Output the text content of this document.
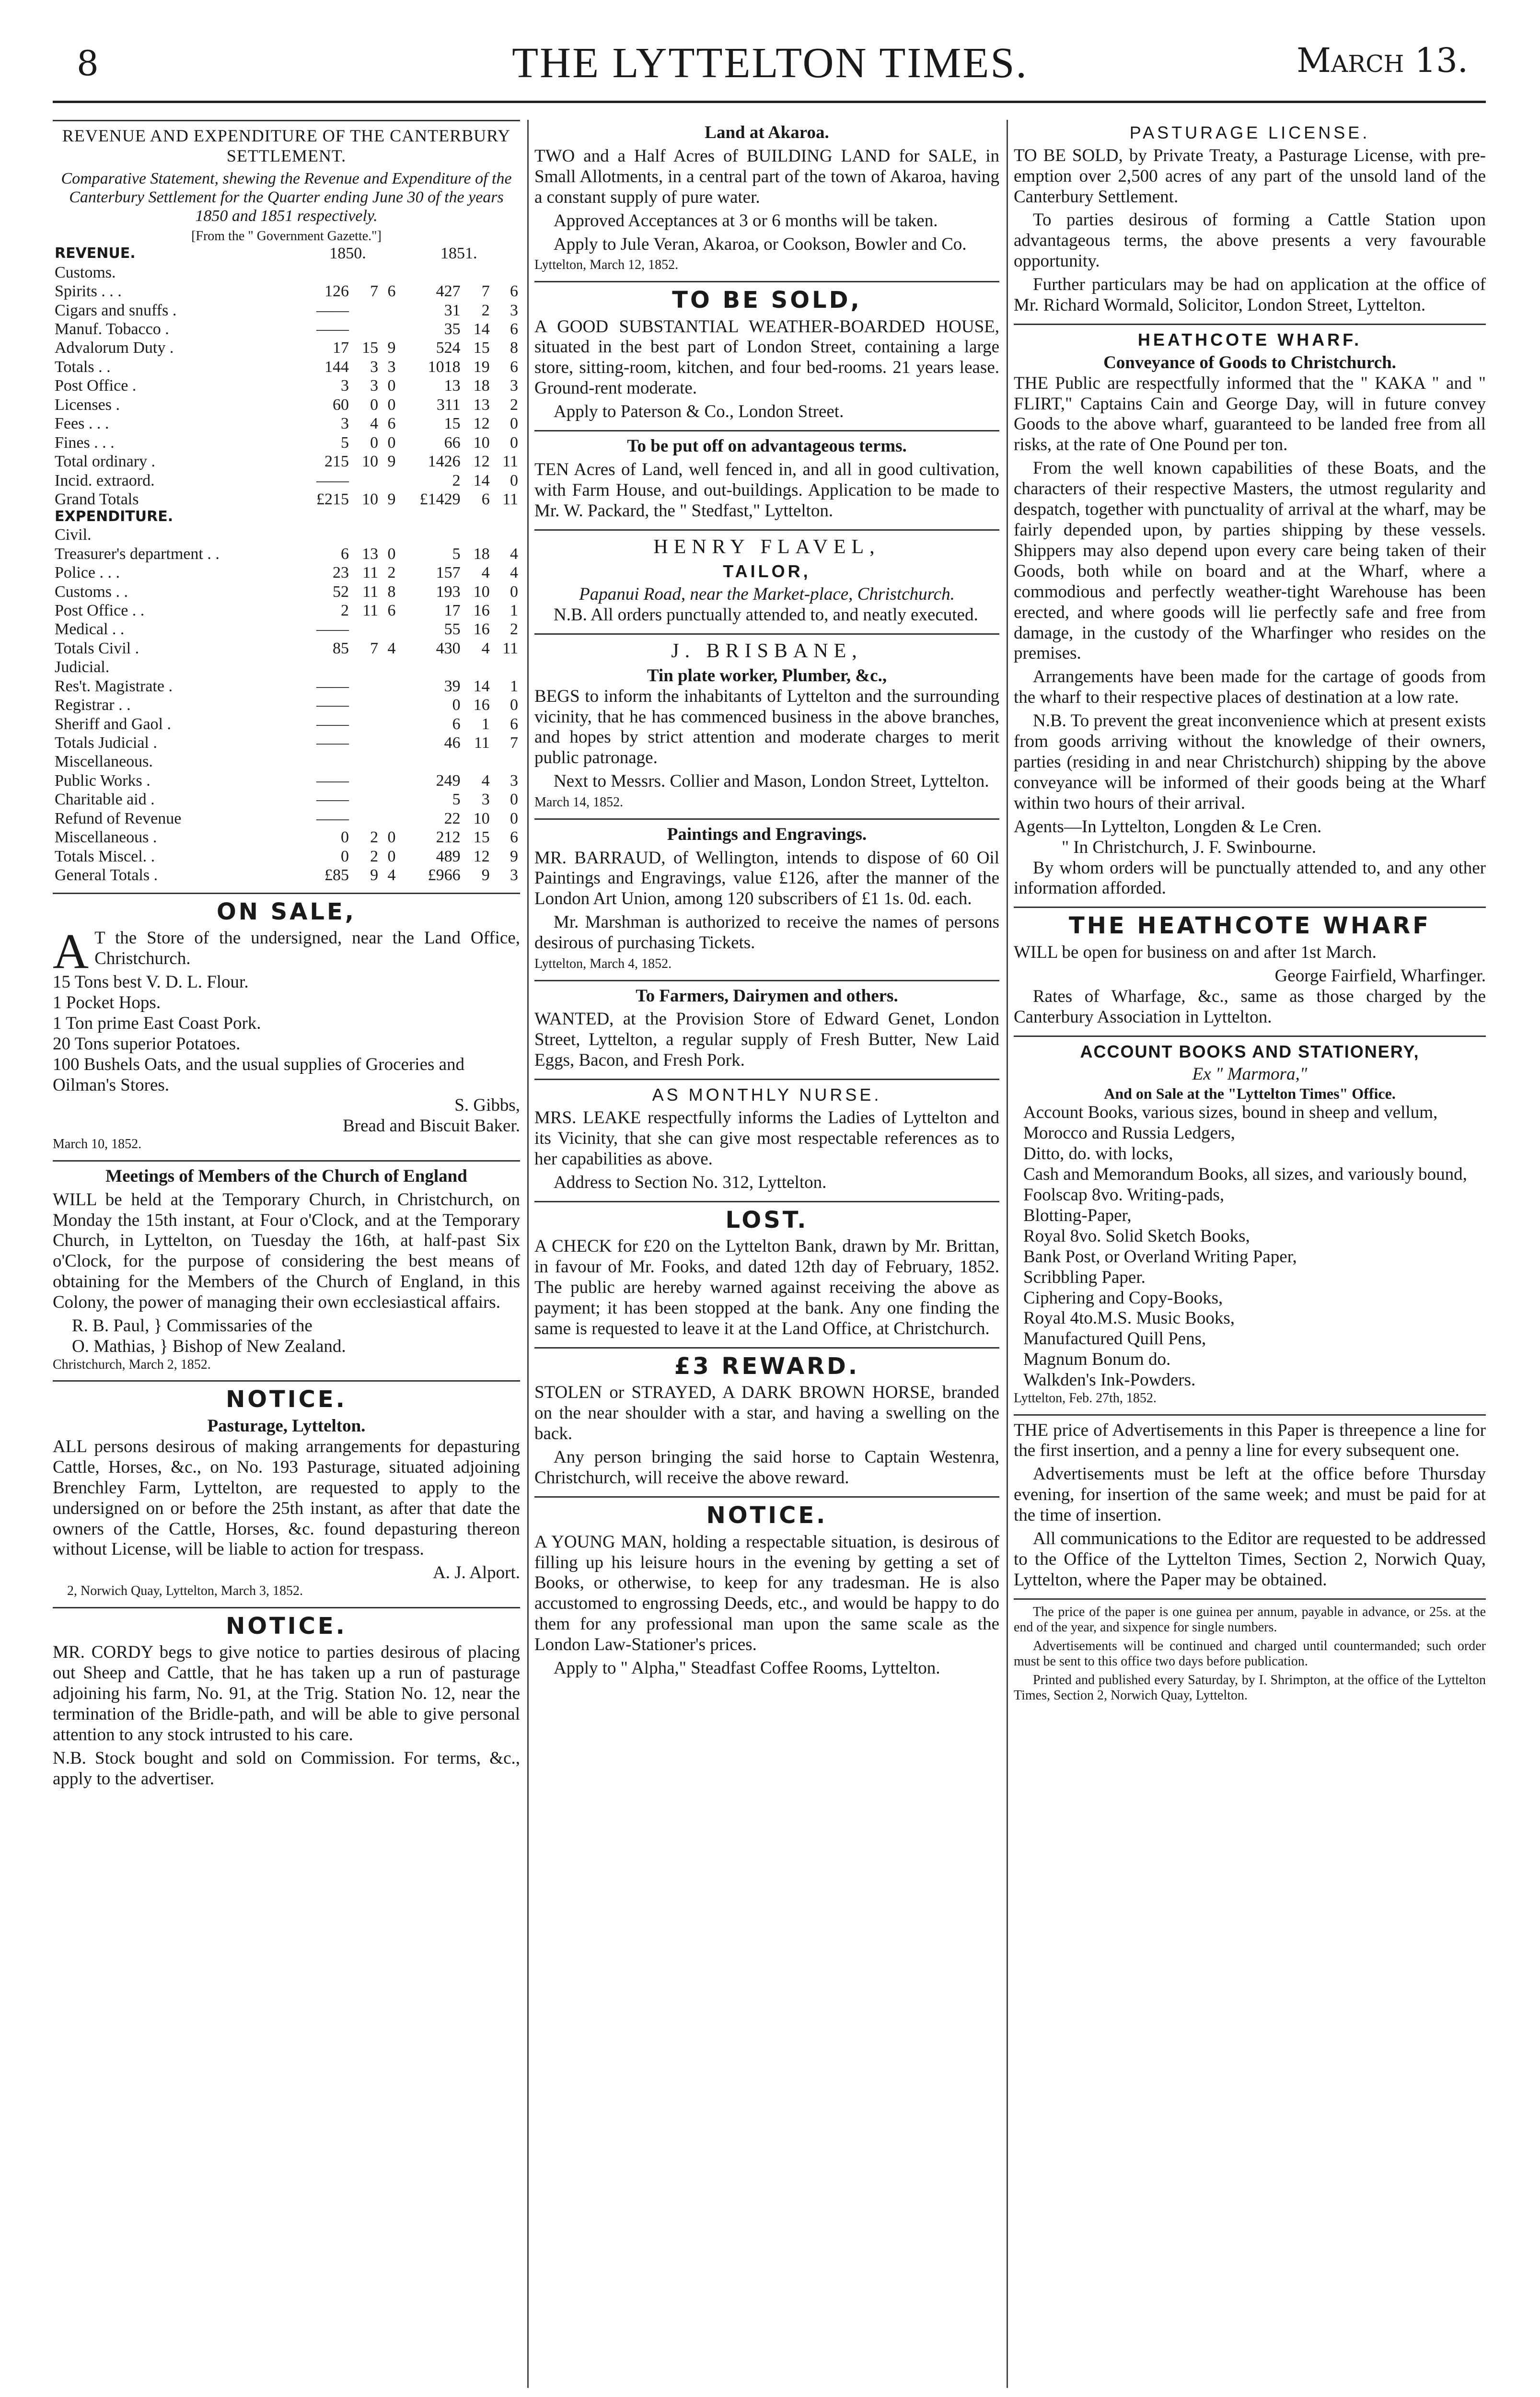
8	THE LYTTELTON TIMES.	March 13.
REVENUE AND EXPENDITURE OF THE CANTERBURY SETTLEMENT.
Comparative Statement, shewing the Revenue and Expenditure of the Canterbury Settlement for the Quarter ending June 30 of the years 1850 and 1851 respectively.
[From the " Government Gazette."]
REVENUE.	1850.			1851.		
Customs.						
Spirits . . .	126	7	6	427	7	6
Cigars and snuffs .	——			31	2	3
Manuf. Tobacco .	——			35	14	6
Advalorum Duty .	17	15	9	524	15	8
Totals . .	144	3	3	1018	19	6
Post Office .	3	3	0	13	18	3
Licenses .	60	0	0	311	13	2
Fees . . .	3	4	6	15	12	0
Fines . . .	5	0	0	66	10	0
Total ordinary .	215	10	9	1426	12	11
Incid. extraord.	——			2	14	0
Grand Totals	£215	10	9	£1429	6	11
EXPENDITURE.						
Civil.						
Treasurer's department . .	6	13	0	5	18	4
Police . . .	23	11	2	157	4	4
Customs . .	52	11	8	193	10	0
Post Office . .	2	11	6	17	16	1
Medical . .	——			55	16	2
Totals Civil .	85	7	4	430	4	11
Judicial.						
Res't. Magistrate .	——			39	14	1
Registrar . .	——			0	16	0
Sheriff and Gaol .	——			6	1	6
Totals Judicial .	——			46	11	7
Miscellaneous.						
Public Works .	——			249	4	3
Charitable aid .	——			5	3	0
Refund of Revenue	——			22	10	0
Miscellaneous .	0	2	0	212	15	6
Totals Miscel. .	0	2	0	489	12	9
General Totals .	£85	9	4	£966	9	3
ON SALE,
A T the Store of the undersigned, near the Land Office, Christchurch.
15 Tons best V. D. L. Flour.
1 Pocket Hops.
1 Ton prime East Coast Pork.
20 Tons superior Potatoes.
100 Bushels Oats, and the usual supplies of Groceries and Oilman's Stores.
S. Gibbs,
Bread and Biscuit Baker.
March 10, 1852.
Meetings of Members of the Church of England
WILL be held at the Temporary Church, in Christchurch, on Monday the 15th instant, at Four o'Clock, and at the Temporary Church, in Lyttelton, on Tuesday the 16th, at half-past Six o'Clock, for the purpose of considering the best means of obtaining for the Members of the Church of England, in this Colony, the power of managing their own ecclesiastical affairs.
R. B. Paul, } Commissaries of the
O. Mathias, } Bishop of New Zealand.
Christchurch, March 2, 1852.
NOTICE.
Pasturage, Lyttelton.
ALL persons desirous of making arrangements for depasturing Cattle, Horses, &c., on No. 193 Pasturage, situated adjoining Brenchley Farm, Lyttelton, are requested to apply to the undersigned on or before the 25th instant, as after that date the owners of the Cattle, Horses, &c. found depasturing thereon without License, will be liable to action for trespass.
A. J. Alport.
2, Norwich Quay, Lyttelton, March 3, 1852.
NOTICE.
MR. CORDY begs to give notice to parties desirous of placing out Sheep and Cattle, that he has taken up a run of pasturage adjoining his farm, No. 91, at the Trig. Station No. 12, near the termination of the Bridle-path, and will be able to give personal attention to any stock intrusted to his care.
N.B. Stock bought and sold on Commission. For terms, &c., apply to the advertiser.
Land at Akaroa.
TWO and a Half Acres of BUILDING LAND for SALE, in Small Allotments, in a central part of the town of Akaroa, having a constant supply of pure water.
Approved Acceptances at 3 or 6 months will be taken.
Apply to Jule Veran, Akaroa, or Cookson, Bowler and Co.
Lyttelton, March 12, 1852.
TO BE SOLD,
A GOOD SUBSTANTIAL WEATHER-BOARDED HOUSE, situated in the best part of London Street, containing a large store, sitting-room, kitchen, and four bed-rooms. 21 years lease. Ground-rent moderate.
Apply to Paterson & Co., London Street.
To be put off on advantageous terms.
TEN Acres of Land, well fenced in, and all in good cultivation, with Farm House, and out-buildings. Application to be made to Mr. W. Packard, the " Stedfast," Lyttelton.
HENRY FLAVEL,
TAILOR,
Papanui Road, near the Market-place, Christchurch.
N.B. All orders punctually attended to, and neatly executed.
J. BRISBANE,
Tin plate worker, Plumber, &c.,
BEGS to inform the inhabitants of Lyttelton and the surrounding vicinity, that he has commenced business in the above branches, and hopes by strict attention and moderate charges to merit public patronage.
Next to Messrs. Collier and Mason, London Street, Lyttelton.
March 14, 1852.
Paintings and Engravings.
MR. BARRAUD, of Wellington, intends to dispose of 60 Oil Paintings and Engravings, value £126, after the manner of the London Art Union, among 120 subscribers of £1 1s. 0d. each.
Mr. Marshman is authorized to receive the names of persons desirous of purchasing Tickets.
Lyttelton, March 4, 1852.
To Farmers, Dairymen and others.
WANTED, at the Provision Store of Edward Genet, London Street, Lyttelton, a regular supply of Fresh Butter, New Laid Eggs, Bacon, and Fresh Pork.
AS MONTHLY NURSE.
MRS. LEAKE respectfully informs the Ladies of Lyttelton and its Vicinity, that she can give most respectable references as to her capabilities as above.
Address to Section No. 312, Lyttelton.
LOST.
A CHECK for £20 on the Lyttelton Bank, drawn by Mr. Brittan, in favour of Mr. Fooks, and dated 12th day of February, 1852. The public are hereby warned against receiving the above as payment; it has been stopped at the bank. Any one finding the same is requested to leave it at the Land Office, at Christchurch.
£3 REWARD.
STOLEN or STRAYED, A DARK BROWN HORSE, branded on the near shoulder with a star, and having a swelling on the back.
Any person bringing the said horse to Captain Westenra, Christchurch, will receive the above reward.
NOTICE.
A YOUNG MAN, holding a respectable situation, is desirous of filling up his leisure hours in the evening by getting a set of Books, or otherwise, to keep for any tradesman. He is also accustomed to engrossing Deeds, etc., and would be happy to do them for any professional man upon the same scale as the London Law-Stationer's prices.
Apply to " Alpha," Steadfast Coffee Rooms, Lyttelton.
PASTURAGE LICENSE.
TO BE SOLD, by Private Treaty, a Pasturage License, with pre-emption over 2,500 acres of any part of the unsold land of the Canterbury Settlement.
To parties desirous of forming a Cattle Station upon advantageous terms, the above presents a very favourable opportunity.
Further particulars may be had on application at the office of Mr. Richard Wormald, Solicitor, London Street, Lyttelton.
HEATHCOTE WHARF.
Conveyance of Goods to Christchurch.
THE Public are respectfully informed that the " KAKA " and " FLIRT," Captains Cain and George Day, will in future convey Goods to the above wharf, guaranteed to be landed free from all risks, at the rate of One Pound per ton.
From the well known capabilities of these Boats, and the characters of their respective Masters, the utmost regularity and despatch, together with punctuality of arrival at the wharf, may be fairly depended upon, by parties shipping by these vessels. Shippers may also depend upon every care being taken of their Goods, both while on board and at the Wharf, where a commodious and perfectly weather-tight Warehouse has been erected, and where goods will lie perfectly safe and free from damage, in the custody of the Wharfinger who resides on the premises.
Arrangements have been made for the cartage of goods from the wharf to their respective places of destination at a low rate.
N.B. To prevent the great inconvenience which at present exists from goods arriving without the knowledge of their owners, parties (residing in and near Christchurch) shipping by the above conveyance will be informed of their goods being at the Wharf within two hours of their arrival.
Agents—In Lyttelton, Longden & Le Cren.
" In Christchurch, J. F. Swinbourne.
By whom orders will be punctually attended to, and any other information afforded.
THE HEATHCOTE WHARF
WILL be open for business on and after 1st March.
George Fairfield, Wharfinger.
Rates of Wharfage, &c., same as those charged by the Canterbury Association in Lyttelton.
ACCOUNT BOOKS AND STATIONERY,
Ex " Marmora,"
And on Sale at the "Lyttelton Times" Office.
Account Books, various sizes, bound in sheep and vellum,
Morocco and Russia Ledgers,
Ditto, do. with locks,
Cash and Memorandum Books, all sizes, and variously bound,
Foolscap 8vo. Writing-pads,
Blotting-Paper,
Royal 8vo. Solid Sketch Books,
Bank Post, or Overland Writing Paper,
Scribbling Paper.
Ciphering and Copy-Books,
Royal 4to.M.S. Music Books,
Manufactured Quill Pens,
Magnum Bonum do.
Walkden's Ink-Powders.
Lyttelton, Feb. 27th, 1852.
THE price of Advertisements in this Paper is threepence a line for the first insertion, and a penny a line for every subsequent one.
Advertisements must be left at the office before Thursday evening, for insertion of the same week; and must be paid for at the time of insertion.
All communications to the Editor are requested to be addressed to the Office of the Lyttelton Times, Section 2, Norwich Quay, Lyttelton, where the Paper may be obtained.
The price of the paper is one guinea per annum, payable in advance, or 25s. at the end of the year, and sixpence for single numbers.
Advertisements will be continued and charged until countermanded; such order must be sent to this office two days before publication.
Printed and published every Saturday, by I. Shrimpton, at the office of the Lyttelton Times, Section 2, Norwich Quay, Lyttelton.
